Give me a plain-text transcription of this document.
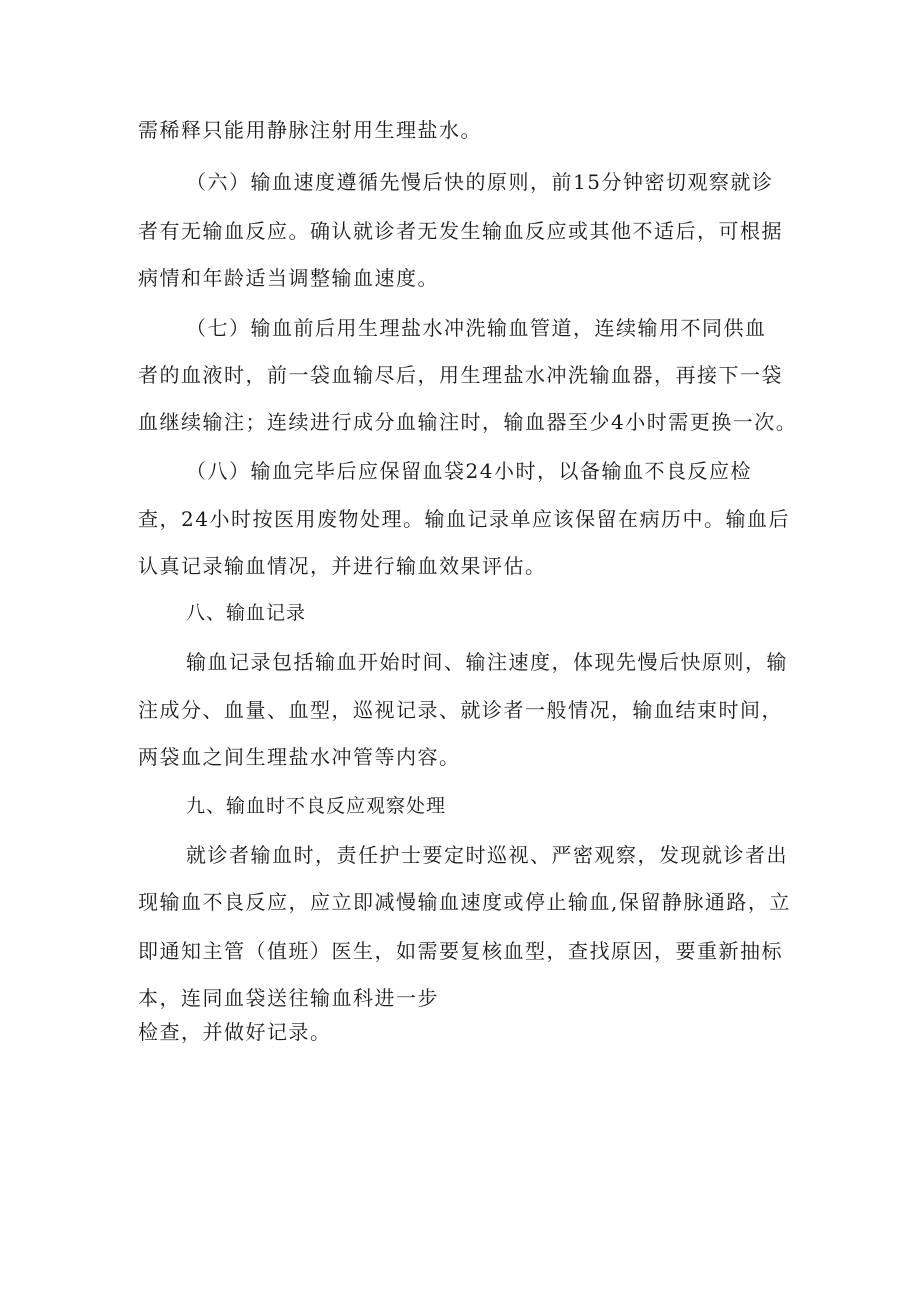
需稀释只能用静脉注射用生理盐水。
（六）输血速度遵循先慢后快的原则，前15分钟密切观察就诊
者有无输血反应。确认就诊者无发生输血反应或其他不适后，可根据
病情和年龄适当调整输血速度。
（七）输血前后用生理盐水冲洗输血管道，连续输用不同供血
者的血液时，前一袋血输尽后，用生理盐水冲洗输血器，再接下一袋
血继续输注；连续进行成分血输注时，输血器至少4小时需更换一次。
（八）输血完毕后应保留血袋24小时，以备输血不良反应检
查，24小时按医用废物处理。输血记录单应该保留在病历中。输血后
认真记录输血情况，并进行输血效果评估。
八、输血记录
输血记录包括输血开始时间、输注速度，体现先慢后快原则，输
注成分、血量、血型，巡视记录、就诊者一般情况，输血结束时间，
两袋血之间生理盐水冲管等内容。
九、输血时不良反应观察处理
就诊者输血时，责任护士要定时巡视、严密观察，发现就诊者出
现输血不良反应，应立即减慢输血速度或停止输血,保留静脉通路，立
即通知主管（值班）医生，如需要复核血型，查找原因，要重新抽标
本，连同血袋送往输血科进一步
检查，并做好记录。
